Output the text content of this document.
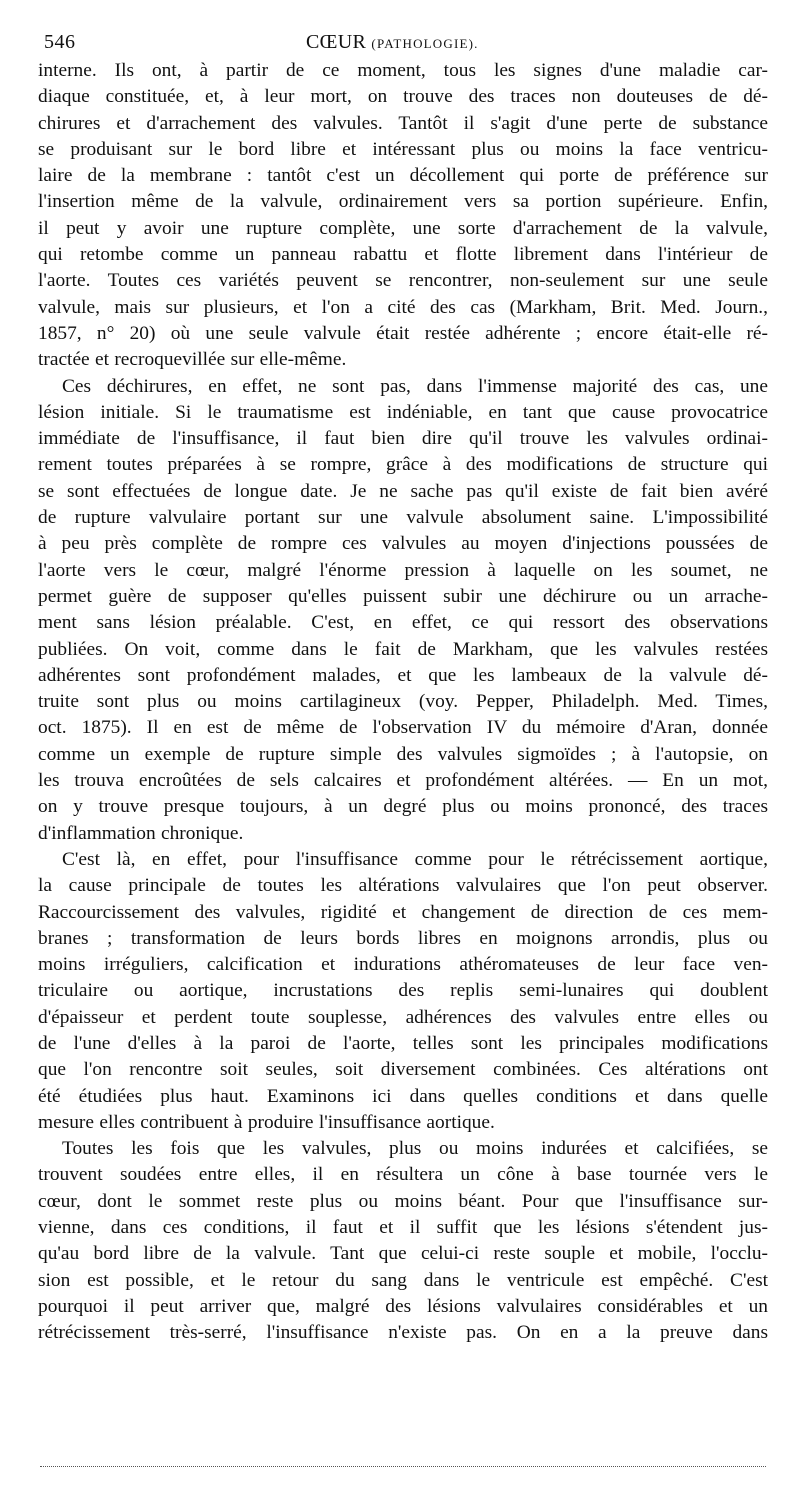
546	CŒUR (PATHOLOGIE).

interne. Ils ont, à partir de ce moment, tous les signes d'une maladie car-
diaque constituée, et, à leur mort, on trouve des traces non douteuses de dé-
chirures et d'arrachement des valvules. Tantôt il s'agit d'une perte de substance
se produisant sur le bord libre et intéressant plus ou moins la face ventricu-
laire de la membrane : tantôt c'est un décollement qui porte de préférence sur
l'insertion même de la valvule, ordinairement vers sa portion supérieure. Enfin,
il peut y avoir une rupture complète, une sorte d'arrachement de la valvule,
qui retombe comme un panneau rabattu et flotte librement dans l'intérieur de
l'aorte. Toutes ces variétés peuvent se rencontrer, non-seulement sur une seule
valvule, mais sur plusieurs, et l'on a cité des cas (Markham, Brit. Med. Journ.,
1857, n° 20) où une seule valvule était restée adhérente ; encore était-elle ré-
tractée et recroquevillée sur elle-même.

Ces déchirures, en effet, ne sont pas, dans l'immense majorité des cas, une
lésion initiale. Si le traumatisme est indéniable, en tant que cause provocatrice
immédiate de l'insuffisance, il faut bien dire qu'il trouve les valvules ordinai-
rement toutes préparées à se rompre, grâce à des modifications de structure qui
se sont effectuées de longue date. Je ne sache pas qu'il existe de fait bien avéré
de rupture valvulaire portant sur une valvule absolument saine. L'impossibilité
à peu près complète de rompre ces valvules au moyen d'injections poussées de
l'aorte vers le cœur, malgré l'énorme pression à laquelle on les soumet, ne
permet guère de supposer qu'elles puissent subir une déchirure ou un arrache-
ment sans lésion préalable. C'est, en effet, ce qui ressort des observations
publiées. On voit, comme dans le fait de Markham, que les valvules restées
adhérentes sont profondément malades, et que les lambeaux de la valvule dé-
truite sont plus ou moins cartilagineux (voy. Pepper, Philadelph. Med. Times,
oct. 1875). Il en est de même de l'observation IV du mémoire d'Aran, donnée
comme un exemple de rupture simple des valvules sigmoïdes ; à l'autopsie, on
les trouva encroûtées de sels calcaires et profondément altérées. — En un mot,
on y trouve presque toujours, à un degré plus ou moins prononcé, des traces
d'inflammation chronique.

C'est là, en effet, pour l'insuffisance comme pour le rétrécissement aortique,
la cause principale de toutes les altérations valvulaires que l'on peut observer.
Raccourcissement des valvules, rigidité et changement de direction de ces mem-
branes ; transformation de leurs bords libres en moignons arrondis, plus ou
moins irréguliers, calcification et indurations athéromateuses de leur face ven-
triculaire ou aortique, incrustations des replis semi-lunaires qui doublent
d'épaisseur et perdent toute souplesse, adhérences des valvules entre elles ou
de l'une d'elles à la paroi de l'aorte, telles sont les principales modifications
que l'on rencontre soit seules, soit diversement combinées. Ces altérations ont
été étudiées plus haut. Examinons ici dans quelles conditions et dans quelle
mesure elles contribuent à produire l'insuffisance aortique.

Toutes les fois que les valvules, plus ou moins indurées et calcifiées, se
trouvent soudées entre elles, il en résultera un cône à base tournée vers le
cœur, dont le sommet reste plus ou moins béant. Pour que l'insuffisance sur-
vienne, dans ces conditions, il faut et il suffit que les lésions s'étendent jus-
qu'au bord libre de la valvule. Tant que celui-ci reste souple et mobile, l'occlu-
sion est possible, et le retour du sang dans le ventricule est empêché. C'est
pourquoi il peut arriver que, malgré des lésions valvulaires considérables et un
rétrécissement très-serré, l'insuffisance n'existe pas. On en a la preuve dans
